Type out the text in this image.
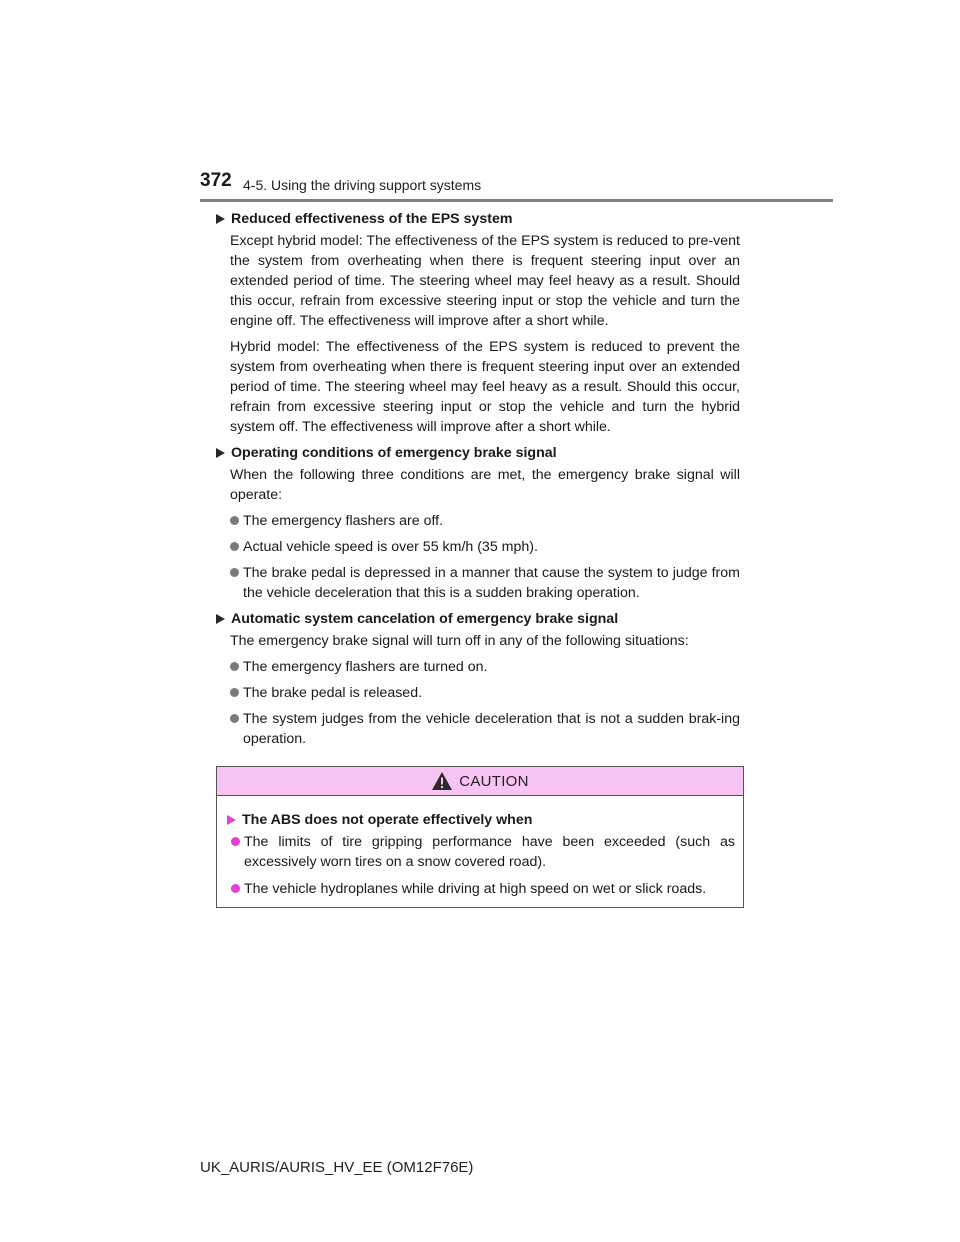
372 4-5. Using the driving support systems
Reduced effectiveness of the EPS system

Except hybrid model: The effectiveness of the EPS system is reduced to pre-vent the system from overheating when there is frequent steering input over an extended period of time. The steering wheel may feel heavy as a result. Should this occur, refrain from excessive steering input or stop the vehicle and turn the engine off. The effectiveness will improve after a short while.

Hybrid model: The effectiveness of the EPS system is reduced to prevent the system from overheating when there is frequent steering input over an extended period of time. The steering wheel may feel heavy as a result. Should this occur, refrain from excessive steering input or stop the vehicle and turn the hybrid system off. The effectiveness will improve after a short while.

Operating conditions of emergency brake signal

When the following three conditions are met, the emergency brake signal will operate:

The emergency flashers are off.
Actual vehicle speed is over 55 km/h (35 mph).
The brake pedal is depressed in a manner that cause the system to judge from the vehicle deceleration that this is a sudden braking operation.
Automatic system cancelation of emergency brake signal

The emergency brake signal will turn off in any of the following situations:

The emergency flashers are turned on.
The brake pedal is released.
The system judges from the vehicle deceleration that is not a sudden brak-ing operation.
CAUTION
The ABS does not operate effectively when
The limits of tire gripping performance have been exceeded (such as excessively worn tires on a snow covered road).
The vehicle hydroplanes while driving at high speed on wet or slick roads.
UK_AURIS/AURIS_HV_EE (OM12F76E)
